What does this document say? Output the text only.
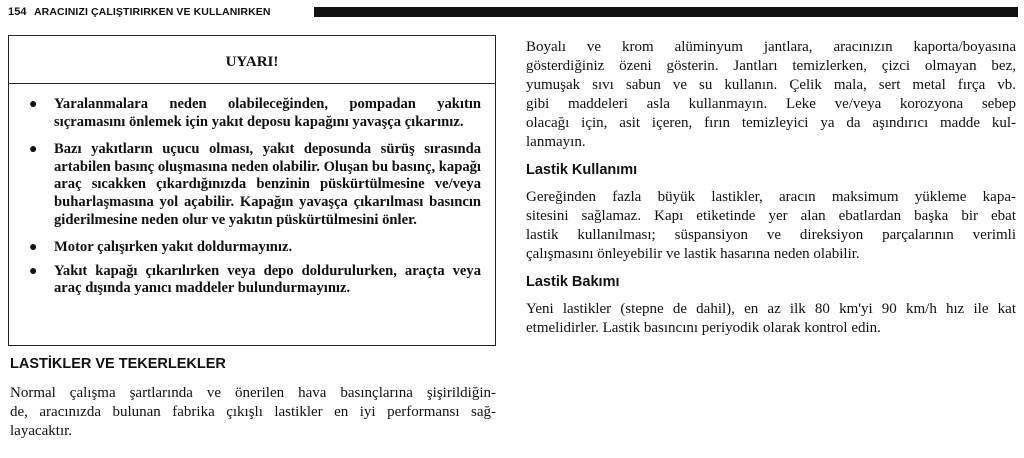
154 ARACINIZI ÇALIŞTIRIRKEN VE KULLANIRKEN
UYARI!
● Yaralanmalara neden olabileceğinden, pompadan yakıtın sıçramasını önlemek için yakıt deposu kapağını yavaşça çıkarınız.
● Bazı yakıtların uçucu olması, yakıt deposunda sürüş sırasında artabilen basınç oluşmasına neden olabilir. Oluşan bu basınç, kapağı araç sıcakken çıkardığınızda benzinin püskürtülmesine ve/veya buharlaşmasına yol açabilir. Kapağın yavaşça çıkarılması basıncın giderilmesine neden olur ve yakıtın püskürtülmesini önler.
● Motor çalışırken yakıt doldurmayınız.
● Yakıt kapağı çıkarılırken veya depo doldurulurken, araçta veya araç dışında yanıcı maddeler bulundurmayınız.
LASTİKLER VE TEKERLEKLER
Normal çalışma şartlarında ve önerilen hava basınçlarına şişirildiğin-
de, aracınızda bulunan fabrika çıkışlı lastikler en iyi performansı sağ-
layacaktır.
Boyalı ve krom alüminyum jantlara, aracınızın kaporta/boyasına
gösterdiğiniz özeni gösterin. Jantları temizlerken, çizci olmayan bez,
yumuşak sıvı sabun ve su kullanın. Çelik mala, sert metal fırça vb.
gibi maddeleri asla kullanmayın. Leke ve/veya korozyona sebep
olacağı için, asit içeren, fırın temizleyici ya da aşındırıcı madde kul-
lanmayın.
Lastik Kullanımı
Gereğinden fazla büyük lastikler, aracın maksimum yükleme kapa-
sitesini sağlamaz. Kapı etiketinde yer alan ebatlardan başka bir ebat
lastik kullanılması; süspansiyon ve direksiyon parçalarının verimli
çalışmasını önleyebilir ve lastik hasarına neden olabilir.
Lastik Bakımı
Yeni lastikler (stepne de dahil), en az ilk 80 km'yi 90 km/h hız ile kat
etmelidirler. Lastik basıncını periyodik olarak kontrol edin.
